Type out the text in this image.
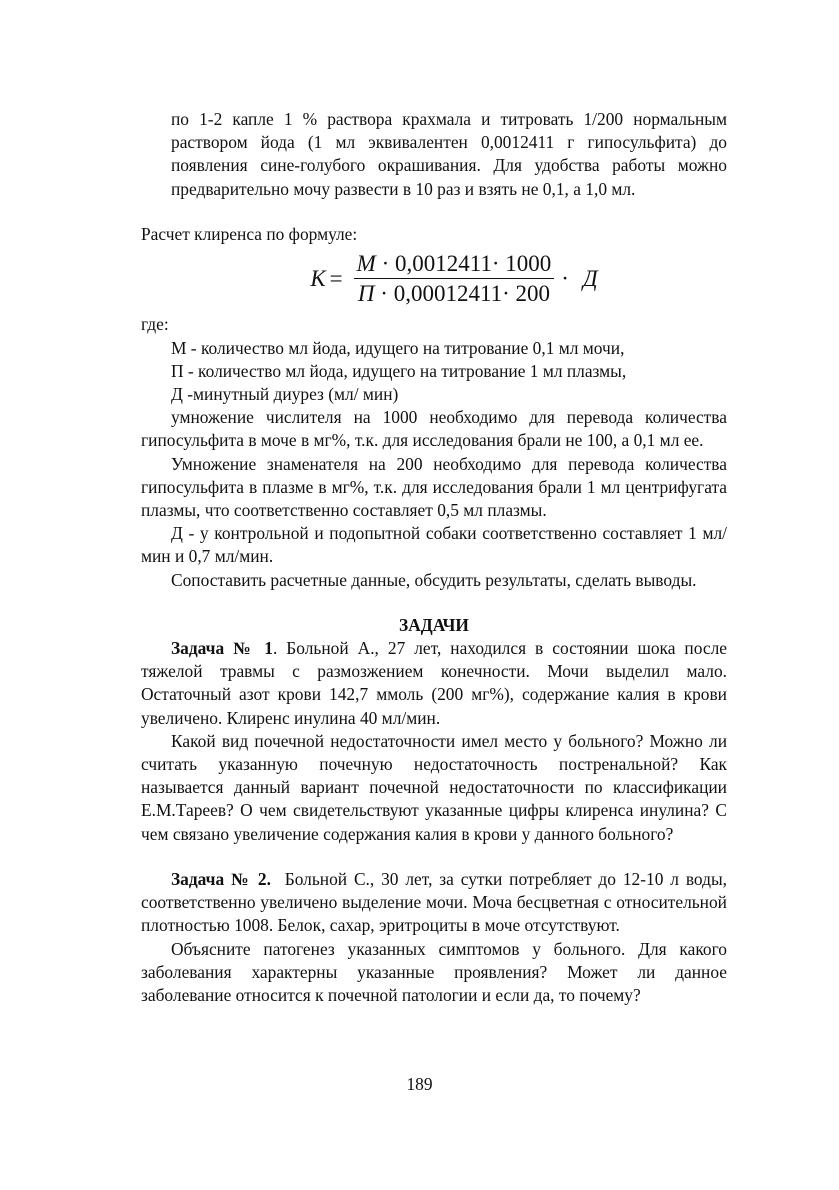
по 1-2 капле 1 % раствора крахмала и титровать 1/200 нормальным раствором йода (1 мл эквивалентен 0,0012411 г гипосульфита) до появления сине-голубого окрашивания. Для удобства работы можно предварительно мочу развести в 10 раз и взять не 0,1, а 1,0 мл.

Расчет клиренса по формуле:

$К = \frac{М \cdot 0,0012411\cdot 1000}{П \cdot 0,00012411\cdot 200} \cdot Д$

где:

М - количество мл йода, идущего на титрование 0,1 мл мочи,

П - количество мл йода, идущего на титрование 1 мл плазмы,

Д -минутный диурез (мл/ мин)

умножение числителя на 1000 необходимо для перевода количества гипосульфита в моче в мг%, т.к. для исследования брали не 100, а 0,1 мл ее.

Умножение знаменателя на 200 необходимо для перевода количества гипосульфита в плазме в мг%, т.к. для исследования брали 1 мл центрифугата плазмы, что соответственно составляет 0,5 мл плазмы.

Д - у контрольной и подопытной собаки соответственно составляет 1 мл/мин и 0,7 мл/мин.

Сопоставить расчетные данные, обсудить результаты, сделать выводы.

ЗАДАЧИ

Задача № 1. Больной А., 27 лет, находился в состоянии шока после тяжелой травмы с размозжением конечности. Мочи выделил мало. Остаточный азот крови 142,7 ммоль (200 мг%), содержание калия в крови увеличено. Клиренс инулина 40 мл/мин.

Какой вид почечной недостаточности имел место у больного? Можно ли считать указанную почечную недостаточность постренальной? Как называется данный вариант почечной недостаточности по классификации Е.М.Тареев? О чем свидетельствуют указанные цифры клиренса инулина? С чем связано увеличение содержания калия в крови у данного больного?

Задача № 2.  Больной С., 30 лет, за сутки потребляет до 12-10 л воды, соответственно увеличено выделение мочи. Моча бесцветная с относительной плотностью 1008. Белок, сахар, эритроциты в моче отсутствуют.

Объясните патогенез указанных симптомов у больного. Для какого заболевания характерны указанные проявления? Может ли данное заболевание относится к почечной патологии и если да, то почему?

189
